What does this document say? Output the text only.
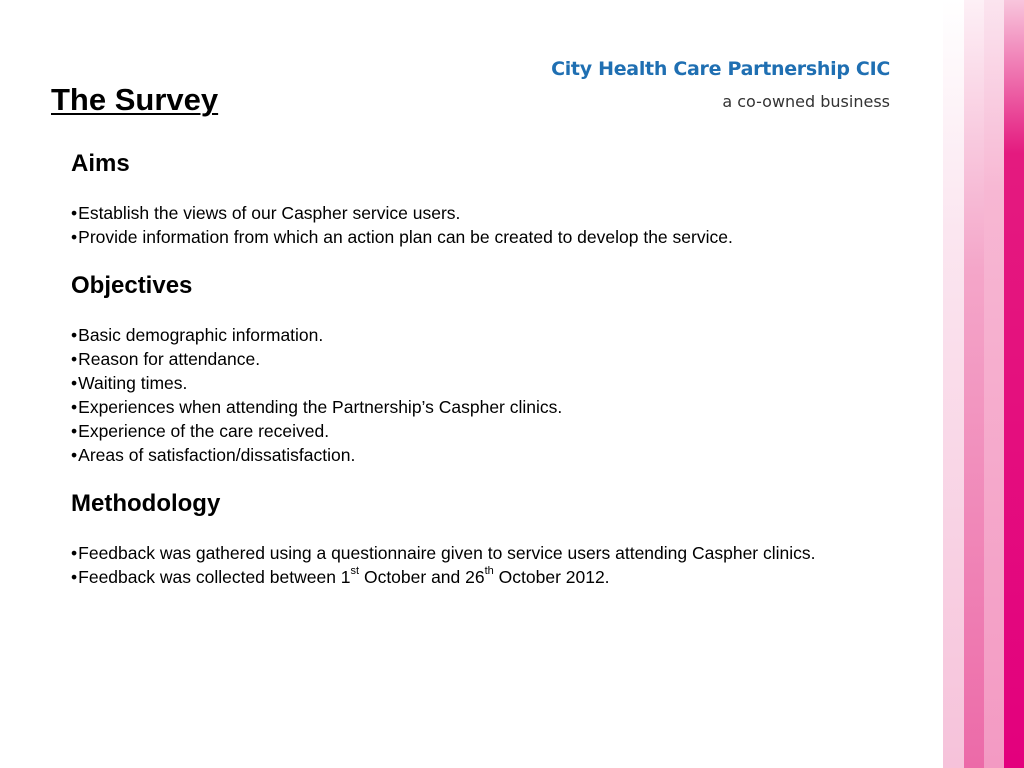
The Survey
City Health Care Partnership CIC
a co-owned business
Aims
•Establish the views of our Caspher service users.
•Provide information from which an action plan can be created to develop the service.
Objectives
•Basic demographic information.
•Reason for attendance.
•Waiting times.
•Experiences when attending the Partnership’s Caspher clinics.
•Experience of the care received.
•Areas of satisfaction/dissatisfaction.
Methodology
•Feedback was gathered using a questionnaire given to service users attending Caspher clinics.
•Feedback was collected between 1st October and 26th October 2012.
